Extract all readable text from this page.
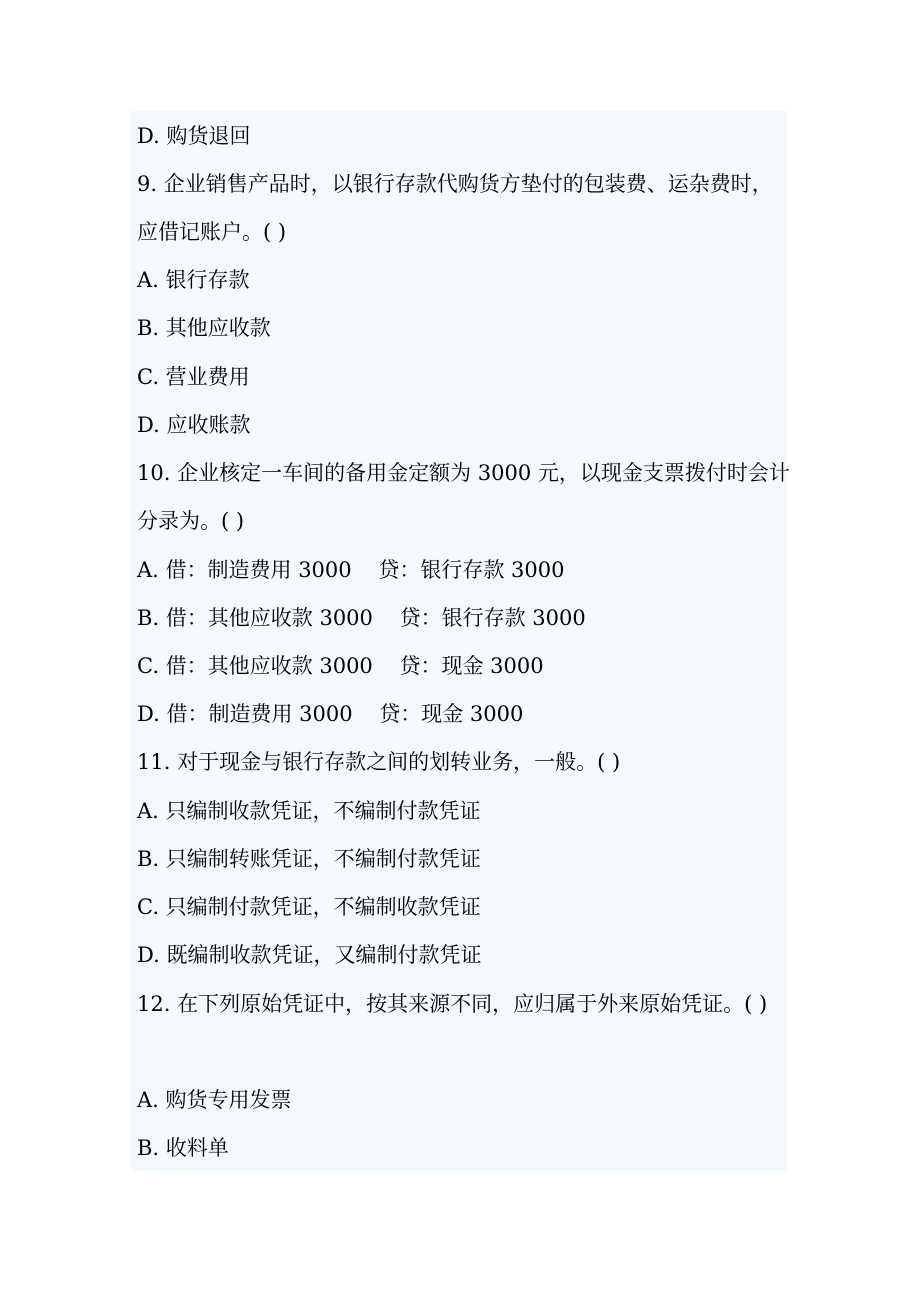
D. 购货退回
9. 企业销售产品时，以银行存款代购货方垫付的包装费、运杂费时，
应借记账户。( )
A. 银行存款
B. 其他应收款
C. 营业费用
D. 应收账款
10. 企业核定一车间的备用金定额为 3000 元，以现金支票拨付时会计
分录为。( )
A. 借：制造费用 3000    贷：银行存款 3000
B. 借：其他应收款 3000    贷：银行存款 3000
C. 借：其他应收款 3000    贷：现金 3000
D. 借：制造费用 3000    贷：现金 3000
11. 对于现金与银行存款之间的划转业务，一般。( )
A. 只编制收款凭证，不编制付款凭证
B. 只编制转账凭证，不编制付款凭证
C. 只编制付款凭证，不编制收款凭证
D. 既编制收款凭证，又编制付款凭证
12. 在下列原始凭证中，按其来源不同，应归属于外来原始凭证。( )
A. 购货专用发票
B. 收料单
